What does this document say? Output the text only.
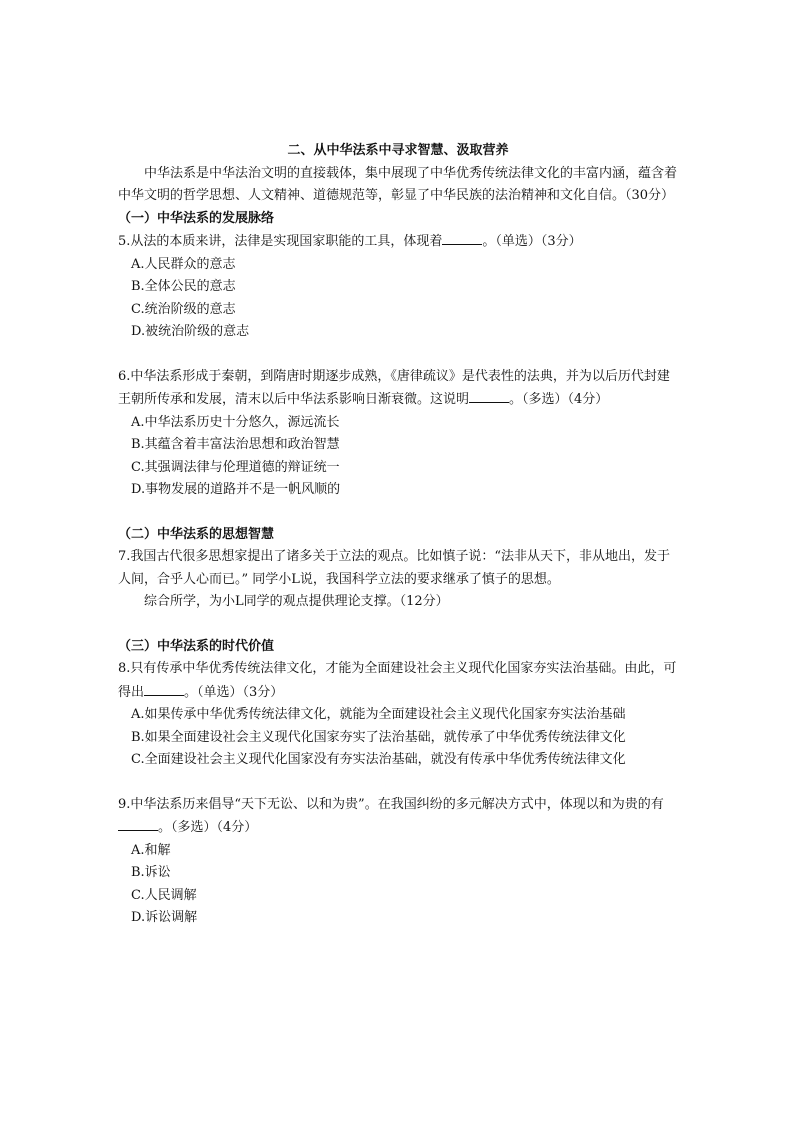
二、从中华法系中寻求智慧、汲取营养

中华法系是中华法治文明的直接载体，集中展现了中华优秀传统法律文化的丰富内涵，蕴含着中华文明的哲学思想、人文精神、道德规范等，彰显了中华民族的法治精神和文化自信。（30分）

（一）中华法系的发展脉络

5.从法的本质来讲，法律是实现国家职能的工具，体现着	。（单选）（3分）

A.人民群众的意志

B.全体公民的意志

C.统治阶级的意志

D.被统治阶级的意志

6.中华法系形成于秦朝，到隋唐时期逐步成熟，《唐律疏议》是代表性的法典，并为以后历代封建王朝所传承和发展，清末以后中华法系影响日渐衰微。这说明	。（多选）（4分）

A.中华法系历史十分悠久，源远流长

B.其蕴含着丰富法治思想和政治智慧

C.其强调法律与伦理道德的辩证统一

D.事物发展的道路并不是一帆风顺的

（二）中华法系的思想智慧

7.我国古代很多思想家提出了诸多关于立法的观点。比如慎子说：“法非从天下，非从地出，发于人间，合乎人心而已。” 同学小L说，我国科学立法的要求继承了慎子的思想。

综合所学，为小L同学的观点提供理论支撑。（12分）

（三）中华法系的时代价值

8.只有传承中华优秀传统法律文化，才能为全面建设社会主义现代化国家夯实法治基础。由此，可得出	。（单选）（3分）

A.如果传承中华优秀传统法律文化，就能为全面建设社会主义现代化国家夯实法治基础

B.如果全面建设社会主义现代化国家夯实了法治基础，就传承了中华优秀传统法律文化

C.全面建设社会主义现代化国家没有夯实法治基础，就没有传承中华优秀传统法律文化

9.中华法系历来倡导“天下无讼、以和为贵”。在我国纠纷的多元解决方式中，体现以和为贵的有。（多选）（4分）

A.和解

B.诉讼

C.人民调解

D.诉讼调解
